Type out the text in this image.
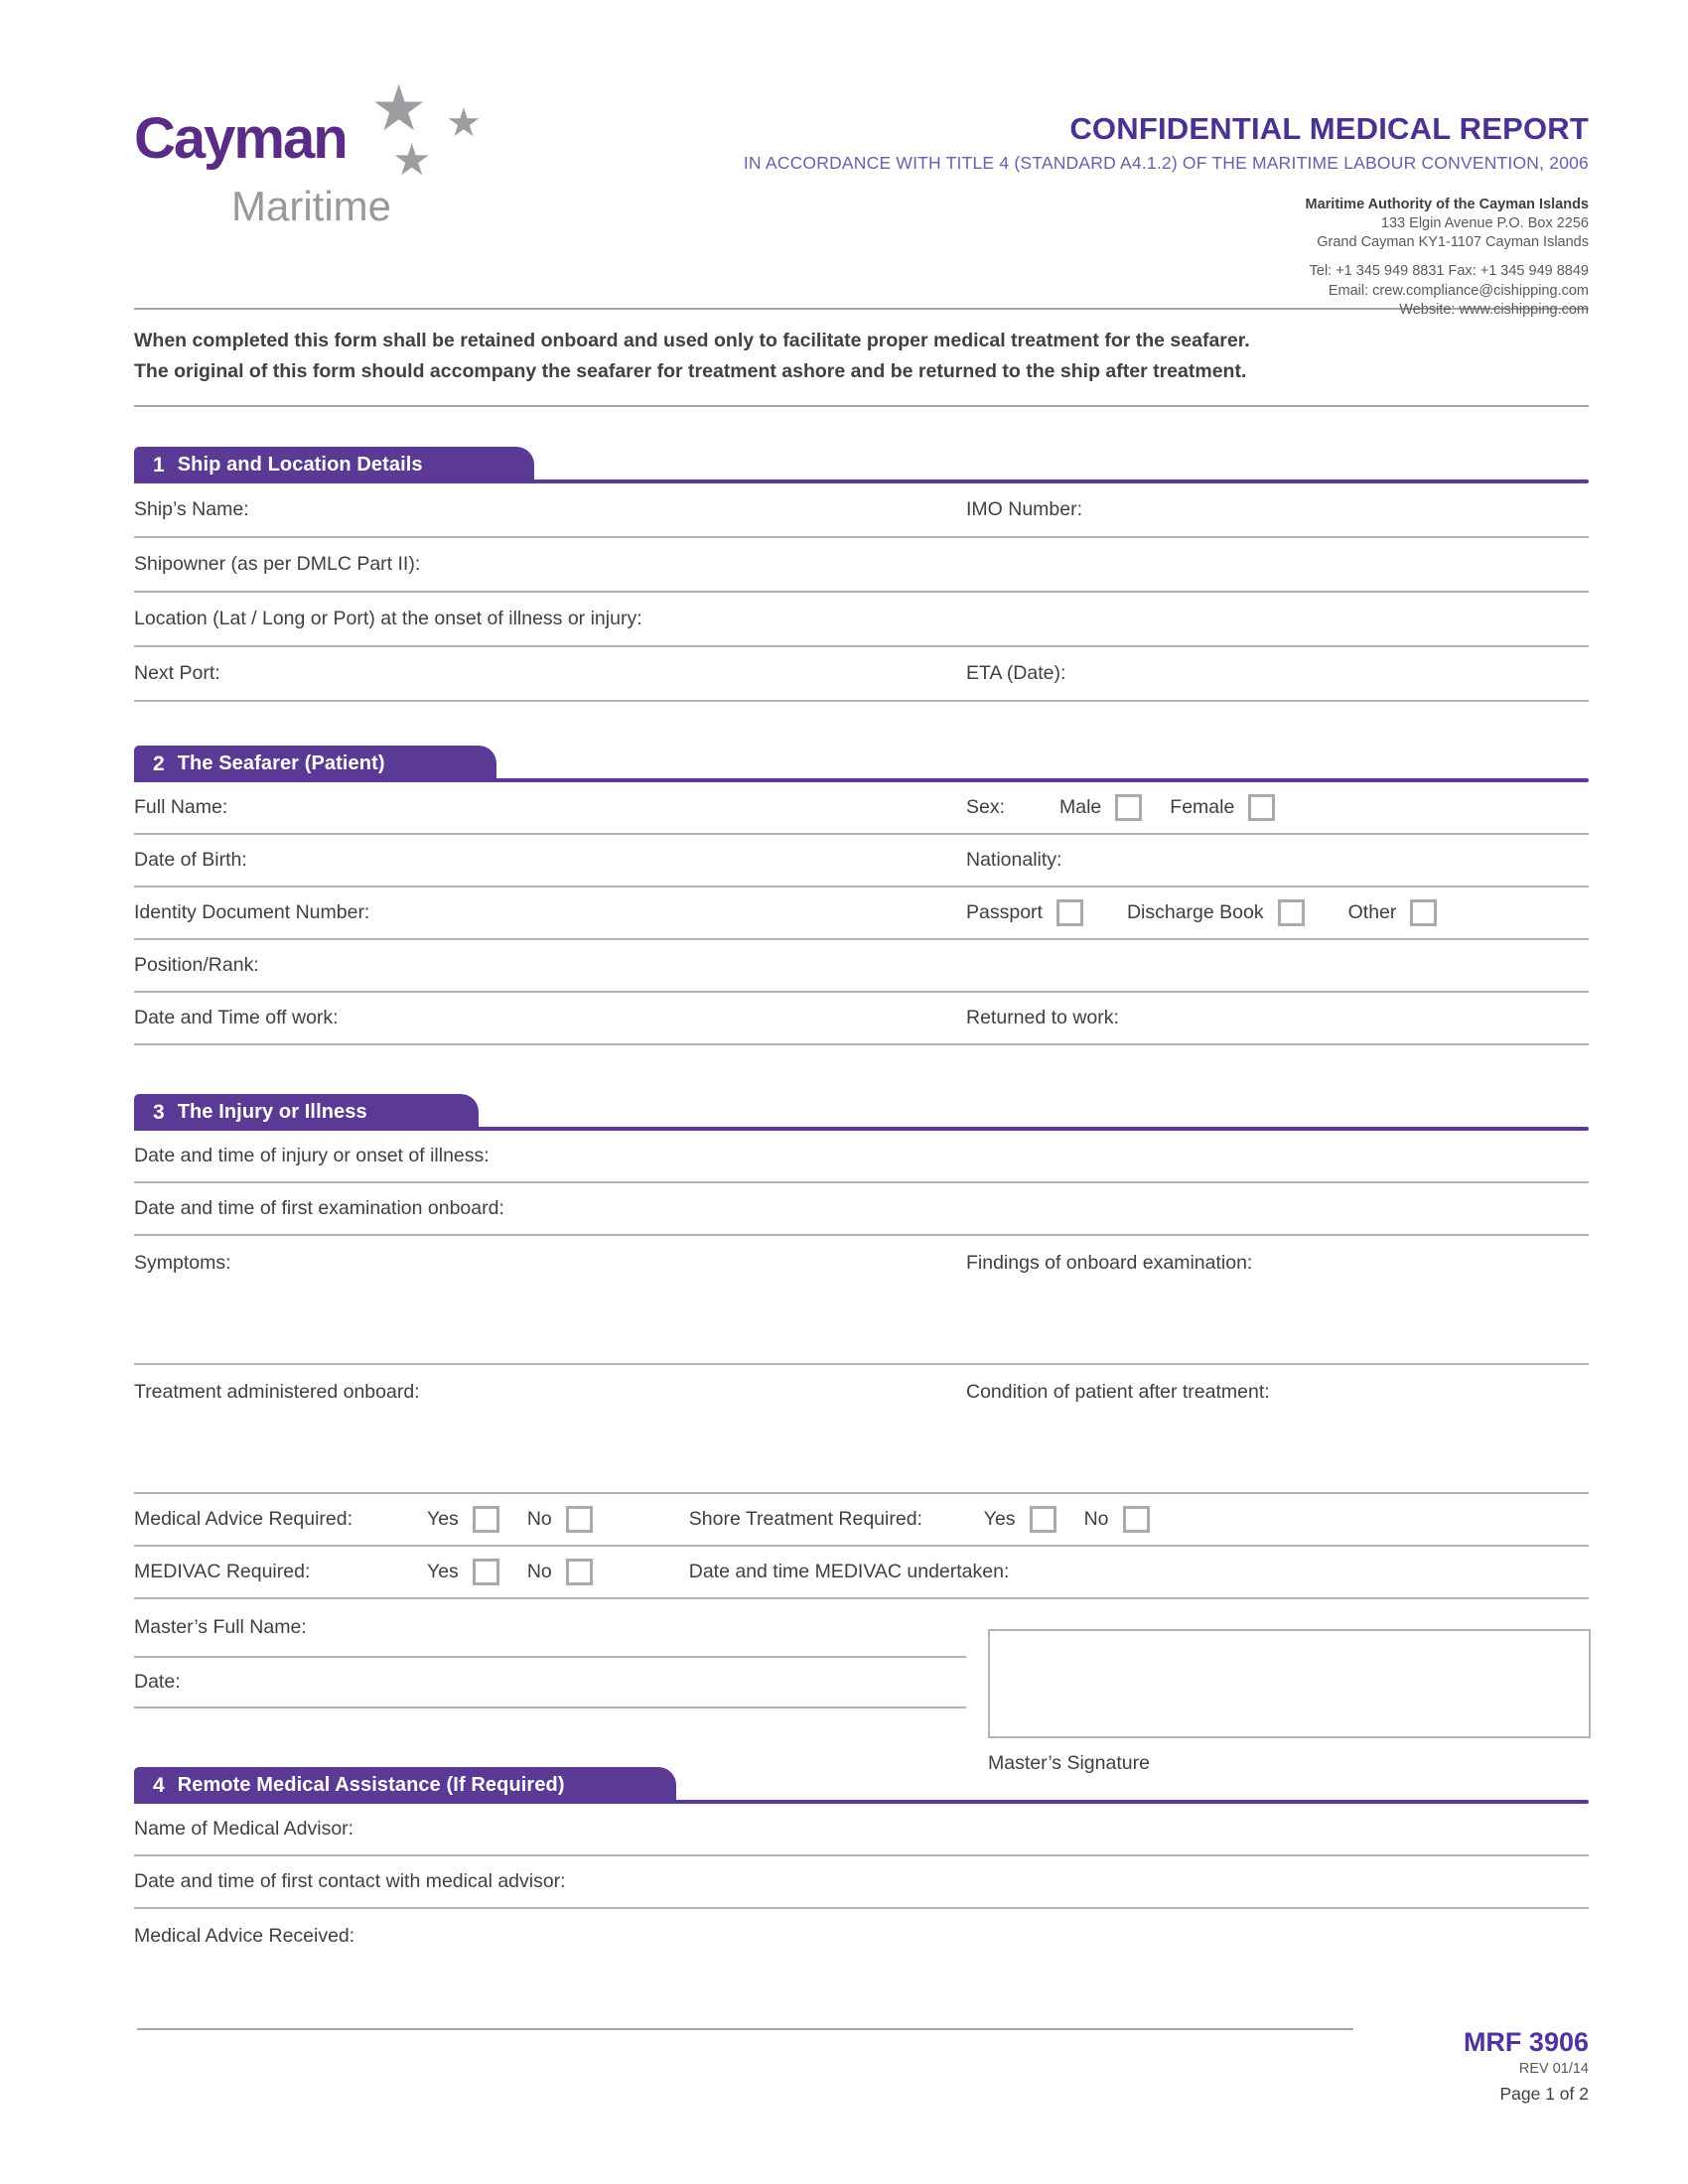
Cayman ★ ★
★
Maritime
CONFIDENTIAL MEDICAL REPORT
IN ACCORDANCE WITH TITLE 4 (STANDARD A4.1.2) OF THE MARITIME LABOUR CONVENTION, 2006
Maritime Authority of the Cayman Islands
133 Elgin Avenue P.O. Box 2256
Grand Cayman KY1-1107 Cayman Islands
Tel: +1 345 949 8831 Fax: +1 345 949 8849
Email: crew.compliance@cishipping.com
Website: www.cishipping.com

When completed this form shall be retained onboard and used only to facilitate proper medical treatment for the seafarer.

The original of this form should accompany the seafarer for treatment ashore and be returned to the ship after treatment.

1 Ship and Location Details
Ship’s Name:	IMO Number:
Shipowner (as per DMLC Part II):
Location (Lat / Long or Port) at the onset of illness or injury:
Next Port:	ETA (Date):
2 The Seafarer (Patient)
Full Name:	Sex:	Male	Female
Date of Birth:	Nationality:
Identity Document Number:	Passport	Discharge Book	Other
Position/Rank:
Date and Time off work:	Returned to work:
3 The Injury or Illness
Date and time of injury or onset of illness:
Date and time of first examination onboard:
Symptoms:	Findings of onboard examination:
Treatment administered onboard:	Condition of patient after treatment:
Medical Advice Required:	Yes	No	Shore Treatment Required:	Yes	No
MEDIVAC Required:	Yes	No	Date and time MEDIVAC undertaken:
Master’s Full Name:
Date:
Master’s Signature
4 Remote Medical Assistance (If Required)
Name of Medical Advisor:
Date and time of first contact with medical advisor:
Medical Advice Received:
MRF 3906
REV 01/14
Page 1 of 2
